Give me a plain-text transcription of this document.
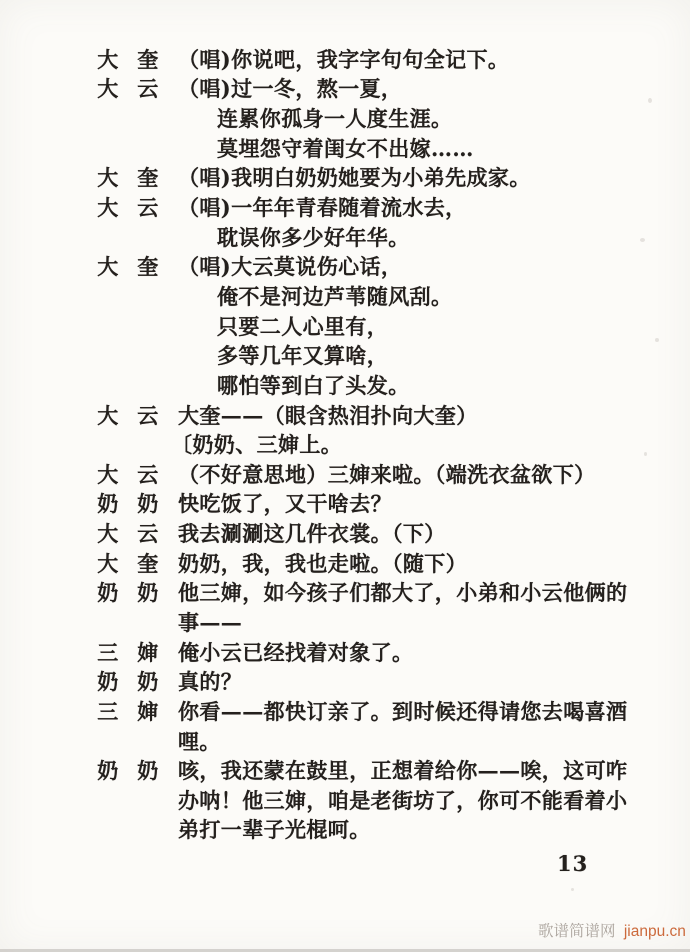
大 奎 （唱)你说吧，我字字句句全记下。
大 云 （唱)过一冬，熬一夏，
连累你孤身一人度生涯。
莫埋怨守着闺女不出嫁……
大 奎 （唱)我明白奶奶她要为小弟先成家。
大 云 （唱)一年年青春随着流水去，
耽误你多少好年华。
大 奎 （唱)大云莫说伤心话，
俺不是河边芦苇随风刮。
只要二人心里有，
多等几年又算啥，
哪怕等到白了头发。
大 云 大奎——（眼含热泪扑向大奎）
〔奶奶、三婶上。
大 云 （不好意思地）三婶来啦。（端洗衣盆欲下）
奶 奶 快吃饭了，又干啥去？
大 云 我去涮涮这几件衣裳。（下）
大 奎 奶奶，我，我也走啦。（随下）
奶 奶 他三婶，如今孩子们都大了，小弟和小云他俩的
事——
三 婶 俺小云已经找着对象了。
奶 奶 真的？
三 婶 你看——都快订亲了。到时候还得请您去喝喜酒
哩。
奶 奶 咳，我还蒙在鼓里，正想着给你——唉，这可咋
办呐！他三婶，咱是老街坊了，你可不能看着小
弟打一辈子光棍呵。
13
歌谱简谱网 jianpu.cn
